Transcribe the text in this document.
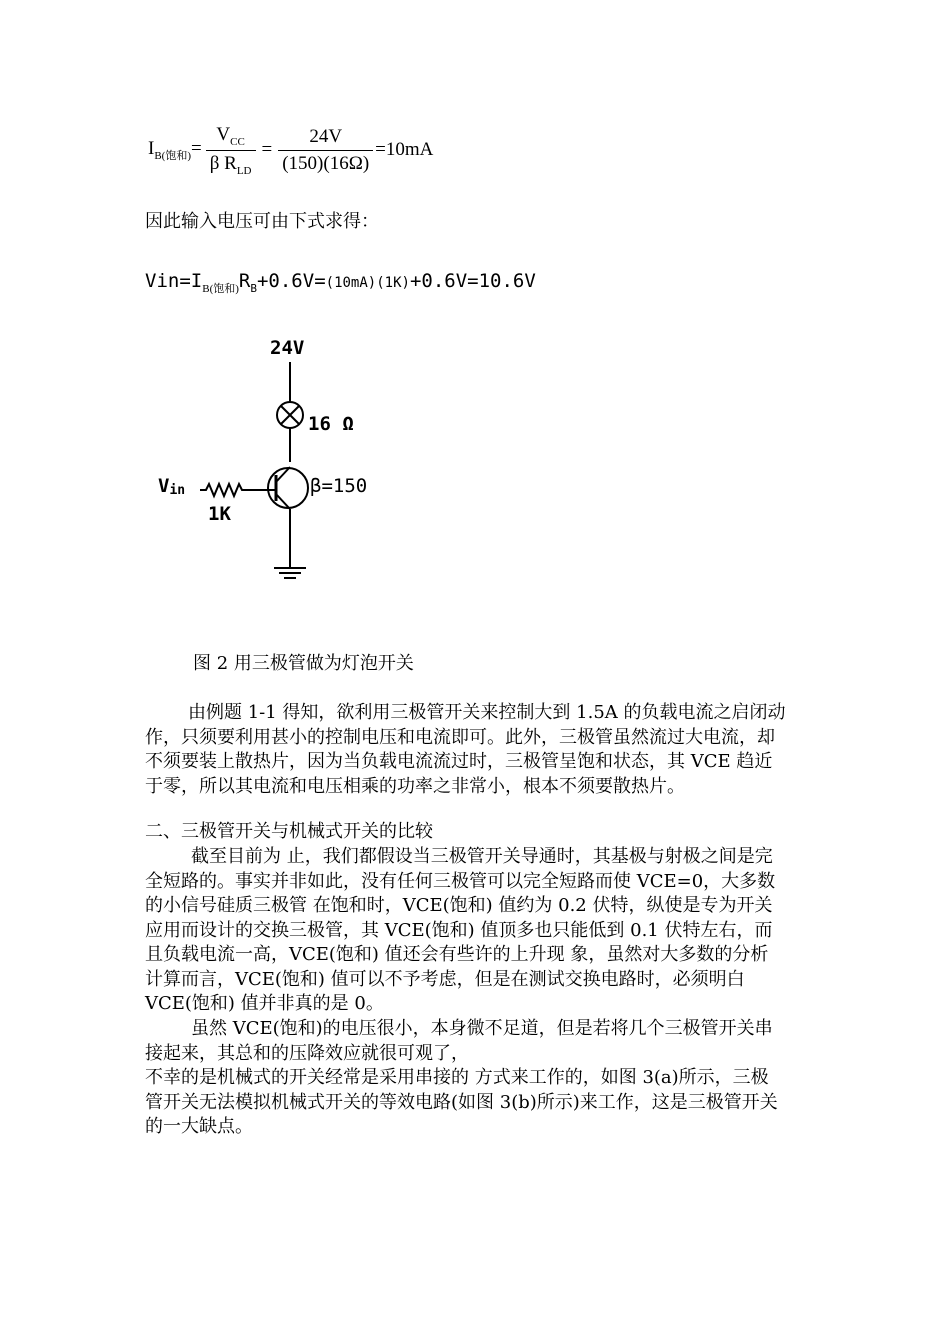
$I_{B(饱和)}= \frac{V_{CC}}{\beta R_{LD}} = \frac{24V}{(150)(16\Omega)} =10mA$
因此输入电压可由下式求得：
$Vin=I_{B(饱和)}R_B+0.6V=(10mA)(1K)+0.6V=10.6V$
24V
16 Ω
Vin	β=150
1K
图 2 用三极管做为灯泡开关
由例题 1-1 得知，欲利用三极管开关来控制大到 1.5A 的负载电流之启闭动
作，只须要利用甚小的控制电压和电流即可。此外，三极管虽然流过大电流，却
不须要装上散热片，因为当负载电流流过时，三极管呈饱和状态，其 VCE 趋近
于零，所以其电流和电压相乘的功率之非常小，根本不须要散热片。
二、三极管开关与机械式开关的比较
截至目前为 止，我们都假设当三极管开关导通时，其基极与射极之间是完
全短路的。事实并非如此，没有任何三极管可以完全短路而使 VCE=0，大多数
的小信号硅质三极管 在饱和时，VCE(饱和) 值约为 0.2 伏特，纵使是专为开关
应用而设计的交换三极管，其 VCE(饱和) 值顶多也只能低到 0.1 伏特左右，而
且负载电流一高，VCE(饱和) 值还会有些许的上升现 象，虽然对大多数的分析
计算而言，VCE(饱和) 值可以不予考虑，但是在测试交换电路时，必须明白
VCE(饱和) 值并非真的是 0。
虽然 VCE(饱和)的电压很小，本身微不足道，但是若将几个三极管开关串
接起来，其总和的压降效应就很可观了，
不幸的是机械式的开关经常是采用串接的 方式来工作的，如图 3(a)所示，三极
管开关无法模拟机械式开关的等效电路(如图 3(b)所示)来工作，这是三极管开关
的一大缺点。
